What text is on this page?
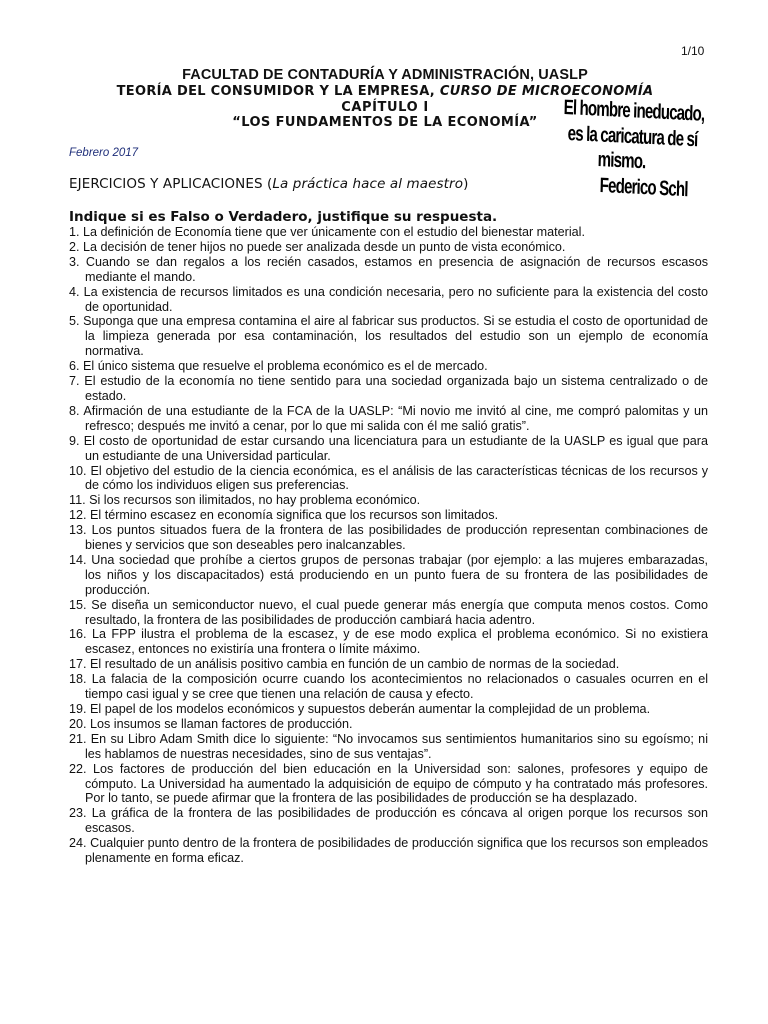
1/10
FACULTAD DE CONTADURÍA Y ADMINISTRACIÓN, UASLP
TEORÍA DEL CONSUMIDOR Y LA EMPRESA, CURSO DE MICROECONOMÍA
CAPÍTULO I
“LOS FUNDAMENTOS DE LA ECONOMÍA”
Febrero 2017
El hombre ineducado,
es la caricatura de sí
mismo.
Federico Schl
EJERCICIOS Y APLICACIONES (La práctica hace al maestro)
Indique si es Falso o Verdadero, justifique su respuesta.
1. La definición de Economía tiene que ver únicamente con el estudio del bienestar material.
2. La decisión de tener hijos no puede ser analizada desde un punto de vista económico.
3. Cuando se dan regalos a los recién casados, estamos en presencia de asignación de recursos escasos mediante el mando.
4. La existencia de recursos limitados es una condición necesaria, pero no suficiente para la existencia del costo de oportunidad.
5. Suponga que una empresa contamina el aire al fabricar sus productos. Si se estudia el costo de oportunidad de la limpieza generada por esa contaminación, los resultados del estudio son un ejemplo de economía normativa.
6. El único sistema que resuelve el problema económico es el de mercado.
7. El estudio de la economía no tiene sentido para una sociedad organizada bajo un sistema centralizado o de estado.
8. Afirmación de una estudiante de la FCA de la UASLP: “Mi novio me invitó al cine, me compró palomitas y un refresco; después me invitó a cenar, por lo que mi salida con él me salió gratis”.
9. El costo de oportunidad de estar cursando una licenciatura para un estudiante de la UASLP es igual que para un estudiante de una Universidad particular.
10. El objetivo del estudio de la ciencia económica, es el análisis de las características técnicas de los recursos y de cómo los individuos eligen sus preferencias.
11. Si los recursos son ilimitados, no hay problema económico.
12. El término escasez en economía significa que los recursos son limitados.
13. Los puntos situados fuera de la frontera de las posibilidades de producción representan combinaciones de bienes y servicios que son deseables pero inalcanzables.
14. Una sociedad que prohíbe a ciertos grupos de personas trabajar (por ejemplo: a las mujeres embarazadas, los niños y los discapacitados) está produciendo en un punto fuera de su frontera de las posibilidades de producción.
15. Se diseña un semiconductor nuevo, el cual puede generar más energía que computa menos costos. Como resultado, la frontera de las posibilidades de producción cambiará hacia adentro.
16. La FPP ilustra el problema de la escasez, y de ese modo explica el problema económico. Si no existiera escasez, entonces no existiría una frontera o límite máximo.
17. El resultado de un análisis positivo cambia en función de un cambio de normas de la sociedad.
18. La falacia de la composición ocurre cuando los acontecimientos no relacionados o casuales ocurren en el tiempo casi igual y se cree que tienen una relación de causa y efecto.
19. El papel de los modelos económicos y supuestos deberán aumentar la complejidad de un problema.
20. Los insumos se llaman factores de producción.
21. En su Libro Adam Smith dice lo siguiente: “No invocamos sus sentimientos humanitarios sino su egoísmo; ni les hablamos de nuestras necesidades, sino de sus ventajas”.
22. Los factores de producción del bien educación en la Universidad son: salones, profesores y equipo de cómputo. La Universidad ha aumentado la adquisición de equipo de cómputo y ha contratado más profesores. Por lo tanto, se puede afirmar que la frontera de las posibilidades de producción se ha desplazado.
23. La gráfica de la frontera de las posibilidades de producción es cóncava al origen porque los recursos son escasos.
24. Cualquier punto dentro de la frontera de posibilidades de producción significa que los recursos son empleados plenamente en forma eficaz.
